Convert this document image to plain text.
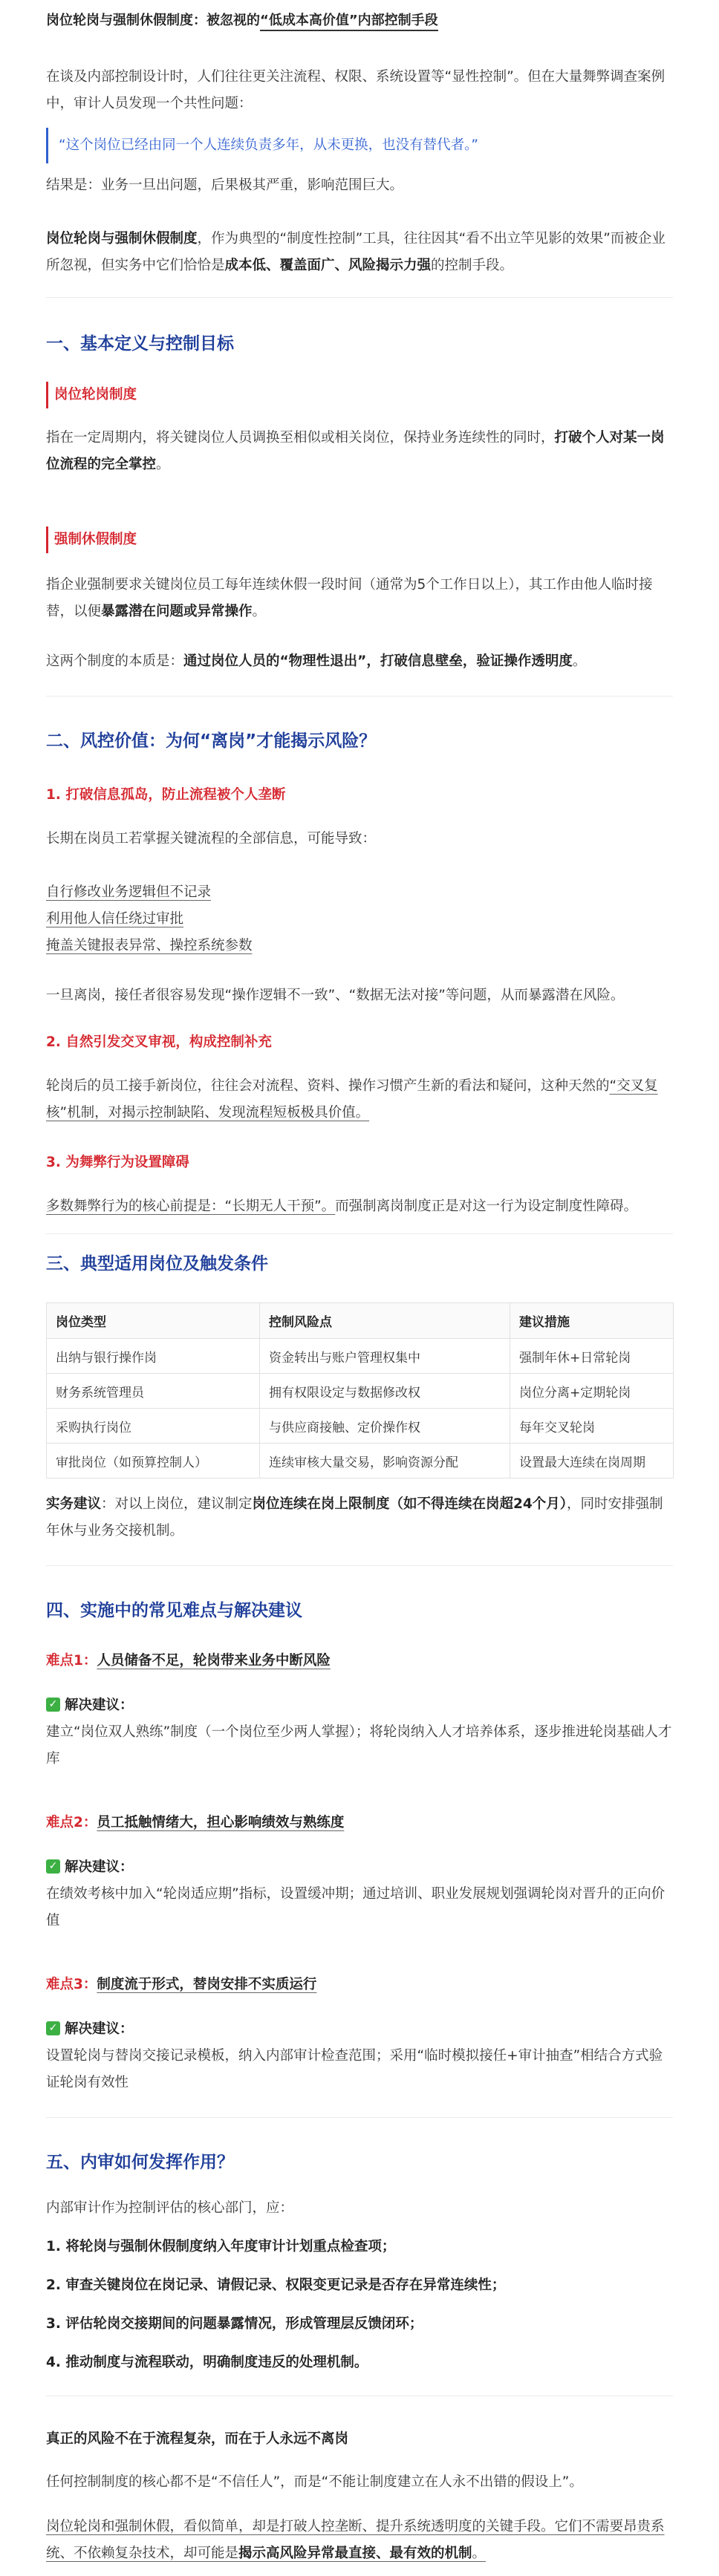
岗位轮岗与强制休假制度：被忽视的“低成本高价值”内部控制手段

在谈及内部控制设计时，人们往往更关注流程、权限、系统设置等“显性控制”。但在大量舞弊调查案例中，审计人员发现一个共性问题：

“这个岗位已经由同一个人连续负责多年，从未更换，也没有替代者。”

结果是：业务一旦出问题，后果极其严重，影响范围巨大。

岗位轮岗与强制休假制度，作为典型的“制度性控制”工具，往往因其“看不出立竿见影的效果”而被企业所忽视，但实务中它们恰恰是成本低、覆盖面广、风险揭示力强的控制手段。

一、基本定义与控制目标
岗位轮岗制度

指在一定周期内，将关键岗位人员调换至相似或相关岗位，保持业务连续性的同时，打破个人对某一岗位流程的完全掌控。

强制休假制度

指企业强制要求关键岗位员工每年连续休假一段时间（通常为5个工作日以上），其工作由他人临时接替，以便暴露潜在问题或异常操作。

这两个制度的本质是：通过岗位人员的“物理性退出”，打破信息壁垒，验证操作透明度。

二、风控价值：为何“离岗”才能揭示风险？
1. 打破信息孤岛，防止流程被个人垄断

长期在岗员工若掌握关键流程的全部信息，可能导致：

自行修改业务逻辑但不记录
利用他人信任绕过审批
掩盖关键报表异常、操控系统参数

一旦离岗，接任者很容易发现“操作逻辑不一致”、“数据无法对接”等问题，从而暴露潜在风险。

2. 自然引发交叉审视，构成控制补充

轮岗后的员工接手新岗位，往往会对流程、资料、操作习惯产生新的看法和疑问，这种天然的“交叉复核”机制，对揭示控制缺陷、发现流程短板极具价值。

3. 为舞弊行为设置障碍

多数舞弊行为的核心前提是：“长期无人干预”。而强制离岗制度正是对这一行为设定制度性障碍。

三、典型适用岗位及触发条件
岗位类型	控制风险点	建议措施
出纳与银行操作岗	资金转出与账户管理权集中	强制年休+日常轮岗
财务系统管理员	拥有权限设定与数据修改权	岗位分离+定期轮岗
采购执行岗位	与供应商接触、定价操作权	每年交叉轮岗
审批岗位（如预算控制人）	连续审核大量交易，影响资源分配	设置最大连续在岗周期

实务建议：对以上岗位，建议制定岗位连续在岗上限制度（如不得连续在岗超24个月），同时安排强制年休与业务交接机制。

四、实施中的常见难点与解决建议
难点1：人员储备不足，轮岗带来业务中断风险
✓解决建议：

建立“岗位双人熟练”制度（一个岗位至少两人掌握）；将轮岗纳入人才培养体系，逐步推进轮岗基础人才库

难点2：员工抵触情绪大，担心影响绩效与熟练度
✓解决建议：

在绩效考核中加入“轮岗适应期”指标，设置缓冲期；通过培训、职业发展规划强调轮岗对晋升的正向价值

难点3：制度流于形式，替岗安排不实质运行
✓解决建议：

设置轮岗与替岗交接记录模板，纳入内部审计检查范围；采用“临时模拟接任+审计抽查”相结合方式验证轮岗有效性

五、内审如何发挥作用？

内部审计作为控制评估的核心部门，应：

1. 将轮岗与强制休假制度纳入年度审计计划重点检查项；

2. 审查关键岗位在岗记录、请假记录、权限变更记录是否存在异常连续性；

3. 评估轮岗交接期间的问题暴露情况，形成管理层反馈闭环；

4. 推动制度与流程联动，明确制度违反的处理机制。

真正的风险不在于流程复杂，而在于人永远不离岗

任何控制制度的核心都不是“不信任人”，而是“不能让制度建立在人永不出错的假设上”。

岗位轮岗和强制休假，看似简单，却是打破人控垄断、提升系统透明度的关键手段。它们不需要昂贵系统、不依赖复杂技术，却可能是揭示高风险异常最直接、最有效的机制。
